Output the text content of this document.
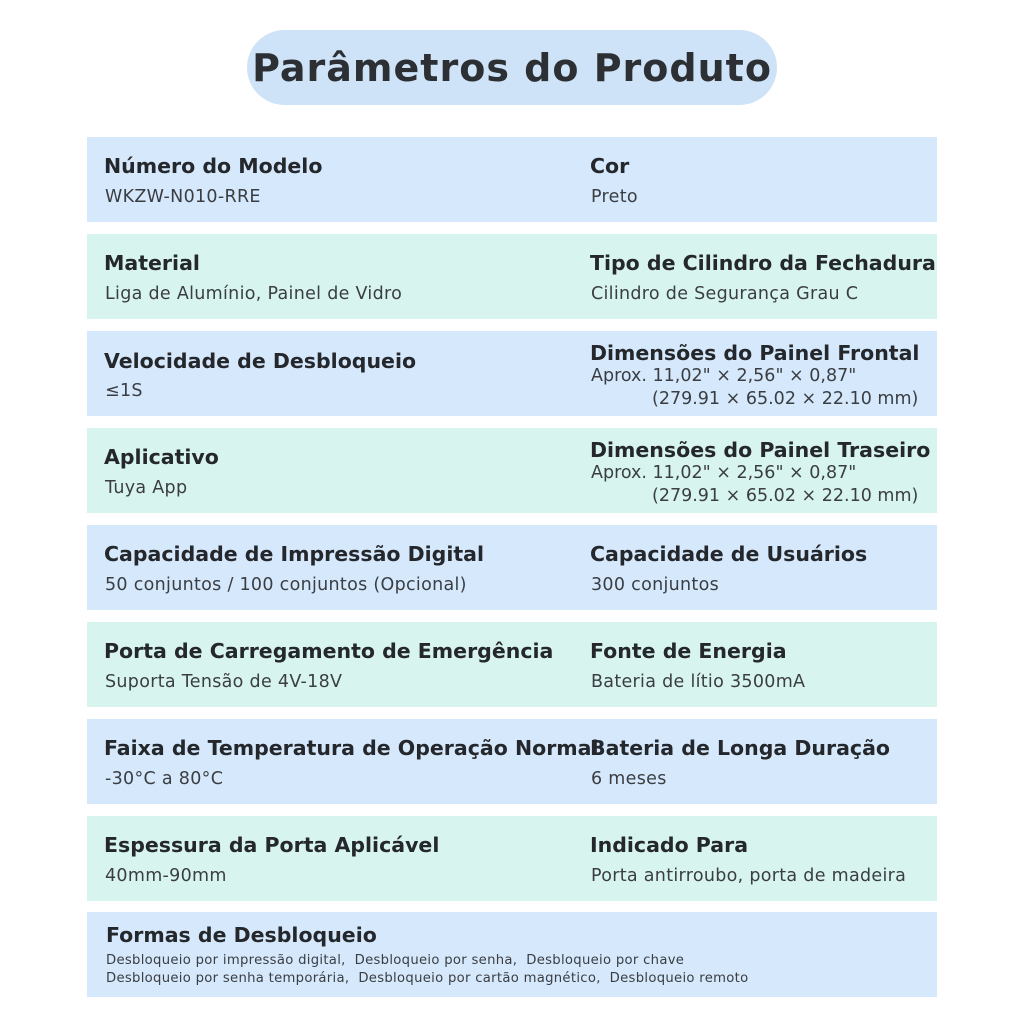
Parâmetros do Produto
Número do Modelo
WKZW-N010-RRE
Cor
Preto
Material
Liga de Alumínio, Painel de Vidro
Tipo de Cilindro da Fechadura
Cilindro de Segurança Grau C
Velocidade de Desbloqueio
≤1S
Dimensões do Painel Frontal
Aprox. 11,02" × 2,56" × 0,87"
(279.91 × 65.02 × 22.10 mm)
Aplicativo
Tuya App
Dimensões do Painel Traseiro
Aprox. 11,02" × 2,56" × 0,87"
(279.91 × 65.02 × 22.10 mm)
Capacidade de Impressão Digital
50 conjuntos / 100 conjuntos (Opcional)
Capacidade de Usuários
300 conjuntos
Porta de Carregamento de Emergência
Suporta Tensão de 4V-18V
Fonte de Energia
Bateria de lítio 3500mA
Faixa de Temperatura de Operação Normal
-30°C a 80°C
Bateria de Longa Duração
6 meses
Espessura da Porta Aplicável
40mm-90mm
Indicado Para
Porta antirroubo, porta de madeira
Formas de Desbloqueio
Desbloqueio por impressão digital,  Desbloqueio por senha,  Desbloqueio por chave
Desbloqueio por senha temporária,  Desbloqueio por cartão magnético,  Desbloqueio remoto
